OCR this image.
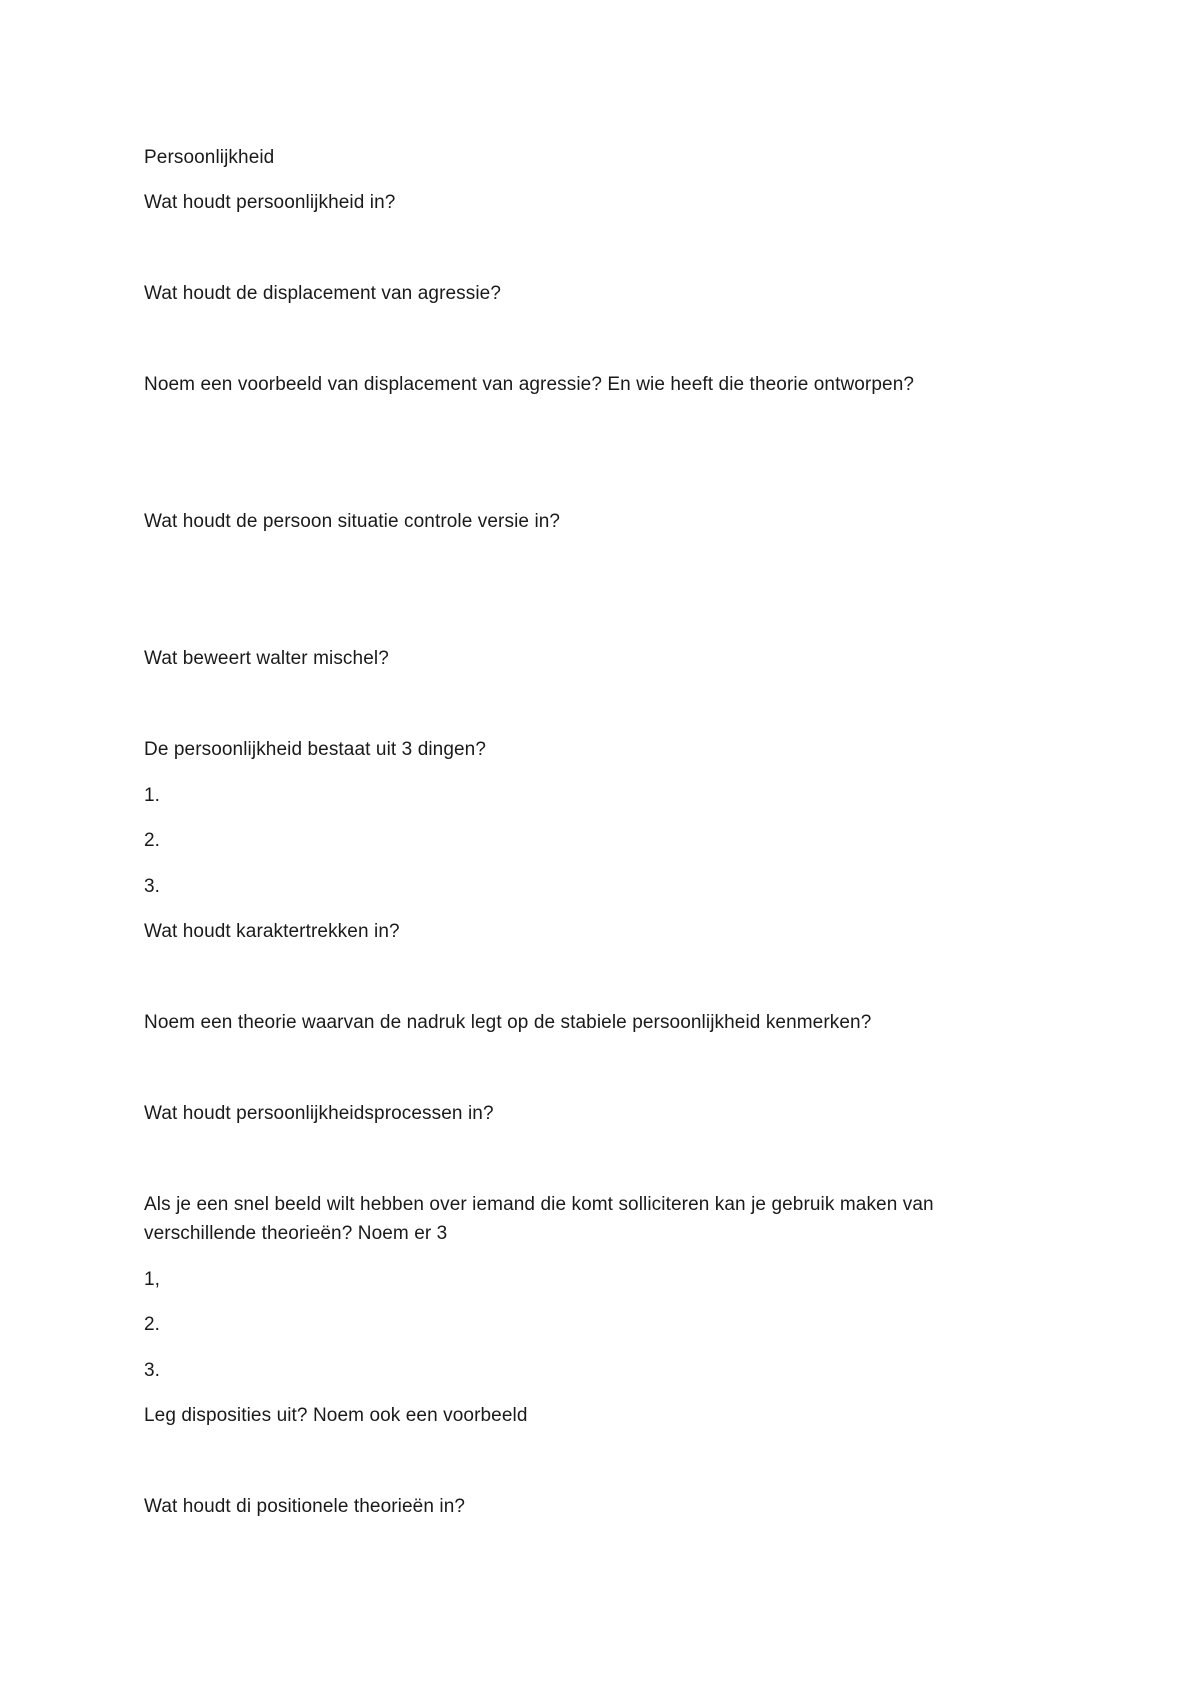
Persoonlijkheid
Wat houdt persoonlijkheid in?
Wat houdt de displacement van agressie?
Noem een voorbeeld van displacement van agressie? En wie heeft die theorie ontworpen?
Wat houdt de persoon situatie controle versie in?
Wat beweert walter mischel?
De persoonlijkheid bestaat uit 3 dingen?
1.
2.
3.
Wat houdt karaktertrekken in?
Noem een theorie waarvan de nadruk legt op de stabiele persoonlijkheid kenmerken?
Wat houdt persoonlijkheidsprocessen in?
Als je een snel beeld wilt hebben over iemand die komt solliciteren kan je gebruik maken van
verschillende theorieën? Noem er 3
1,
2.
3.
Leg disposities uit? Noem ook een voorbeeld
Wat houdt di positionele theorieën in?
